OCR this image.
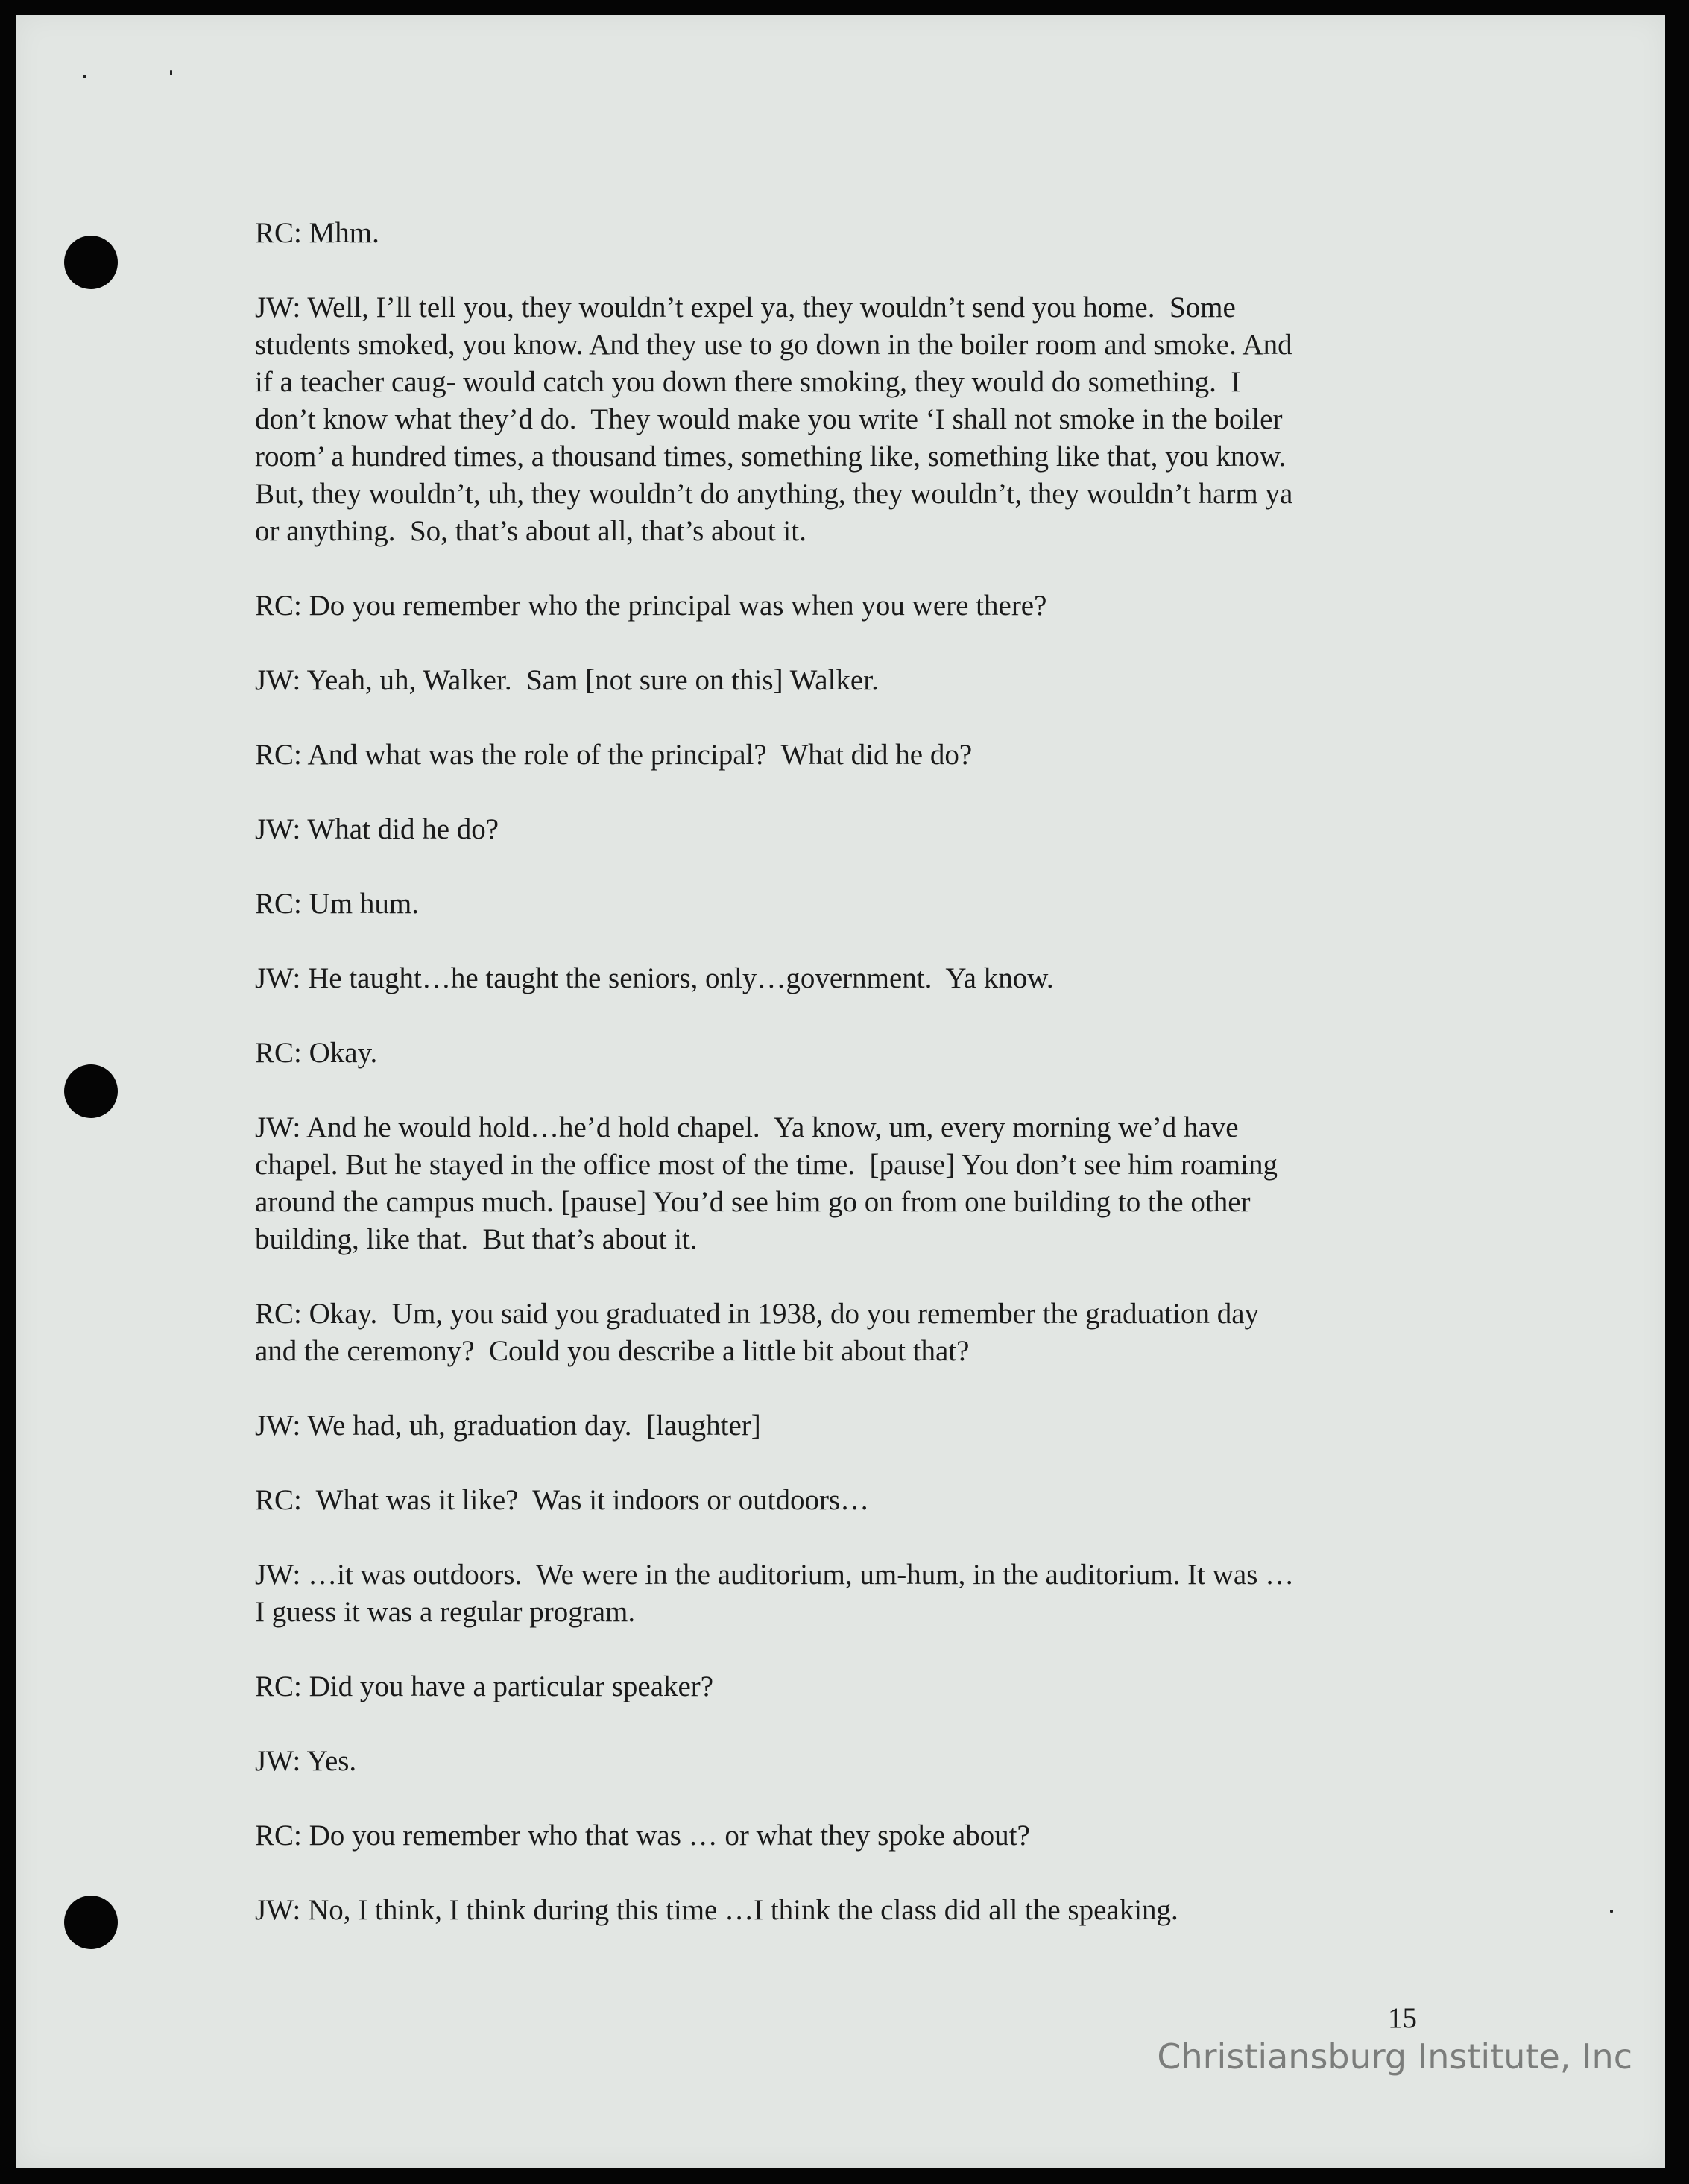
RC: Mhm.
JW: Well, I’ll tell you, they wouldn’t expel ya, they wouldn’t send you home.  Some
students smoked, you know. And they use to go down in the boiler room and smoke. And
if a teacher caug- would catch you down there smoking, they would do something.  I
don’t know what they’d do.  They would make you write ‘I shall not smoke in the boiler
room’ a hundred times, a thousand times, something like, something like that, you know.
But, they wouldn’t, uh, they wouldn’t do anything, they wouldn’t, they wouldn’t harm ya
or anything.  So, that’s about all, that’s about it.
RC: Do you remember who the principal was when you were there?
JW: Yeah, uh, Walker.  Sam [not sure on this] Walker.
RC: And what was the role of the principal?  What did he do?
JW: What did he do?
RC: Um hum.
JW: He taught…he taught the seniors, only…government.  Ya know.
RC: Okay.
JW: And he would hold…he’d hold chapel.  Ya know, um, every morning we’d have
chapel. But he stayed in the office most of the time.  [pause] You don’t see him roaming
around the campus much. [pause] You’d see him go on from one building to the other
building, like that.  But that’s about it.
RC: Okay.  Um, you said you graduated in 1938, do you remember the graduation day
and the ceremony?  Could you describe a little bit about that?
JW: We had, uh, graduation day.  [laughter]
RC:  What was it like?  Was it indoors or outdoors…
JW: …it was outdoors.  We were in the auditorium, um-hum, in the auditorium. It was …
I guess it was a regular program.
RC: Did you have a particular speaker?
JW: Yes.
RC: Do you remember who that was … or what they spoke about?
JW: No, I think, I think during this time …I think the class did all the speaking.
15
Christiansburg Institute, Inc
